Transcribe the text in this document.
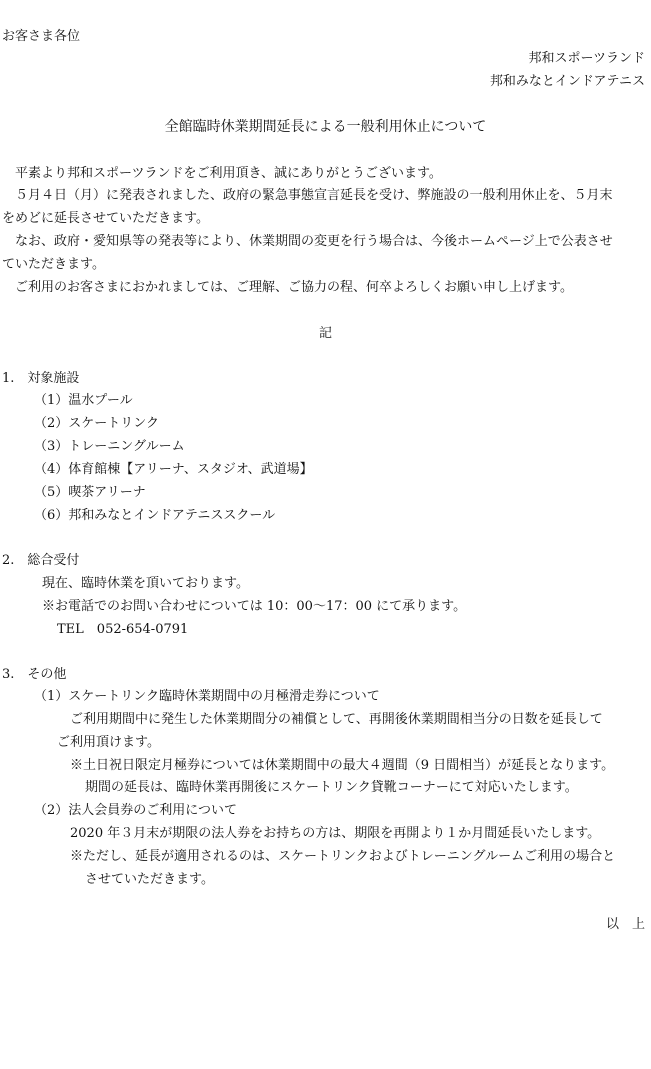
お客さま各位
邦和スポーツランド
邦和みなとインドアテニス
全館臨時休業期間延長による一般利用休止について
平素より邦和スポーツランドをご利用頂き、誠にありがとうございます。
５月４日（月）に発表されました、政府の緊急事態宣言延長を受け、弊施設の一般利用休止を、５月末
をめどに延長させていただきます。
なお、政府・愛知県等の発表等により、休業期間の変更を行う場合は、今後ホームページ上で公表させ
ていただきます。
ご利用のお客さまにおかれましては、ご理解、ご協力の程、何卒よろしくお願い申し上げます。
記
1.　対象施設
（1）温水プール
（2）スケートリンク
（3）トレーニングルーム
（4）体育館棟【アリーナ、スタジオ、武道場】
（5）喫茶アリーナ
（6）邦和みなとインドアテニススクール
2.　総合受付
現在、臨時休業を頂いております。
※お電話でのお問い合わせについては 10：00～17：00 にて承ります。
TEL　052-654-0791
3.　その他
（1）スケートリンク臨時休業期間中の月極滑走券について
ご利用期間中に発生した休業期間分の補償として、再開後休業期間相当分の日数を延長して
ご利用頂けます。
※土日祝日限定月極券については休業期間中の最大４週間（9 日間相当）が延長となります。
期間の延長は、臨時休業再開後にスケートリンク貸靴コーナーにて対応いたします。
（2）法人会員券のご利用について
2020 年３月末が期限の法人券をお持ちの方は、期限を再開より１か月間延長いたします。
※ただし、延長が適用されるのは、スケートリンクおよびトレーニングルームご利用の場合と
させていただきます。
以　上
